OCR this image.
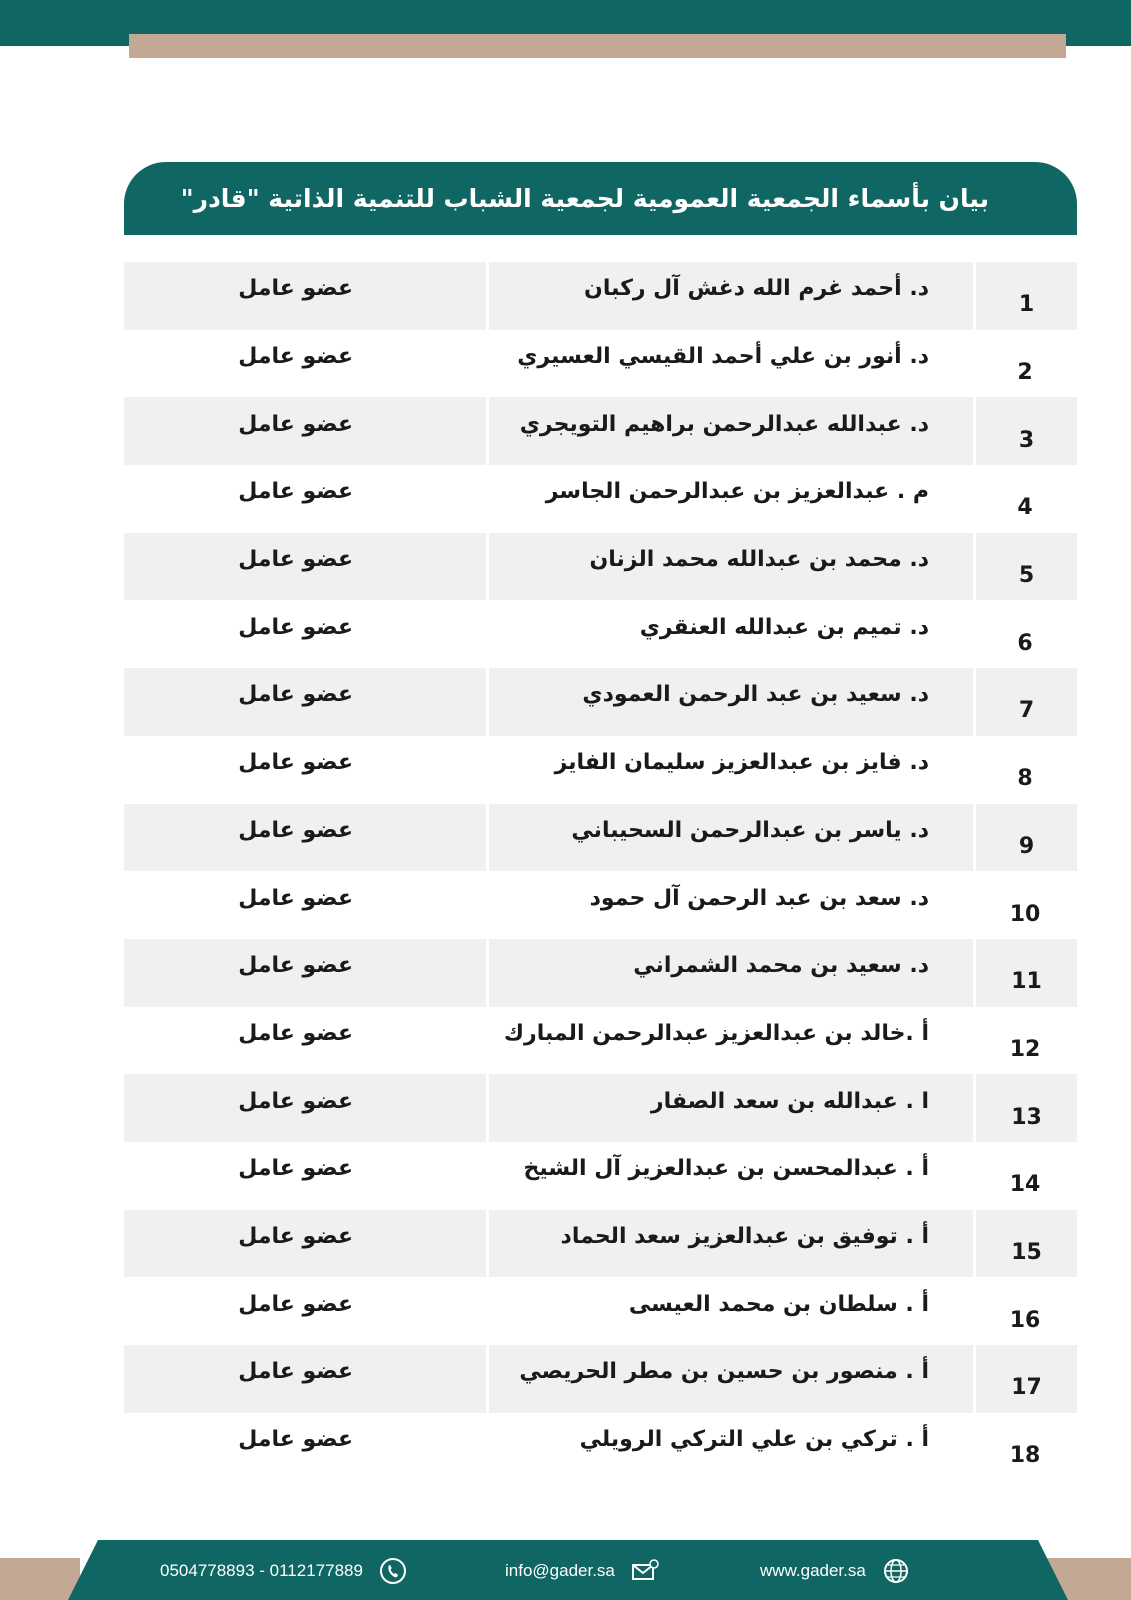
بيان بأسماء الجمعية العمومية لجمعية الشباب للتنمية الذاتية "قادر"
1
د. أحمد غرم الله دغش آل ركبان
عضو عامل
2
د. أنور بن علي أحمد القيسي العسيري
عضو عامل
3
د. عبدالله عبدالرحمن براهيم التويجري
عضو عامل
4
م . عبدالعزيز بن عبدالرحمن الجاسر
عضو عامل
5
د. محمد بن عبدالله محمد الزنان
عضو عامل
6
د. تميم بن عبدالله العنقري
عضو عامل
7
د. سعيد بن عبد الرحمن العمودي
عضو عامل
8
د. فايز بن عبدالعزيز سليمان الفايز
عضو عامل
9
د. ياسر بن عبدالرحمن السحيباني
عضو عامل
10
د. سعد بن عبد الرحمن آل حمود
عضو عامل
11
د. سعيد بن محمد الشمراني
عضو عامل
12
أ .خالد بن عبدالعزيز عبدالرحمن المبارك
عضو عامل
13
ا . عبدالله بن سعد الصفار
عضو عامل
14
أ . عبدالمحسن بن عبدالعزيز آل الشيخ
عضو عامل
15
أ . توفيق بن عبدالعزيز سعد الحماد
عضو عامل
16
أ . سلطان بن محمد العيسى
عضو عامل
17
أ . منصور بن حسين بن مطر الحريصي
عضو عامل
18
أ . تركي بن علي التركي الرويلي
عضو عامل
0504778893 - 0112177889	info@gader.sa	www.gader.sa
